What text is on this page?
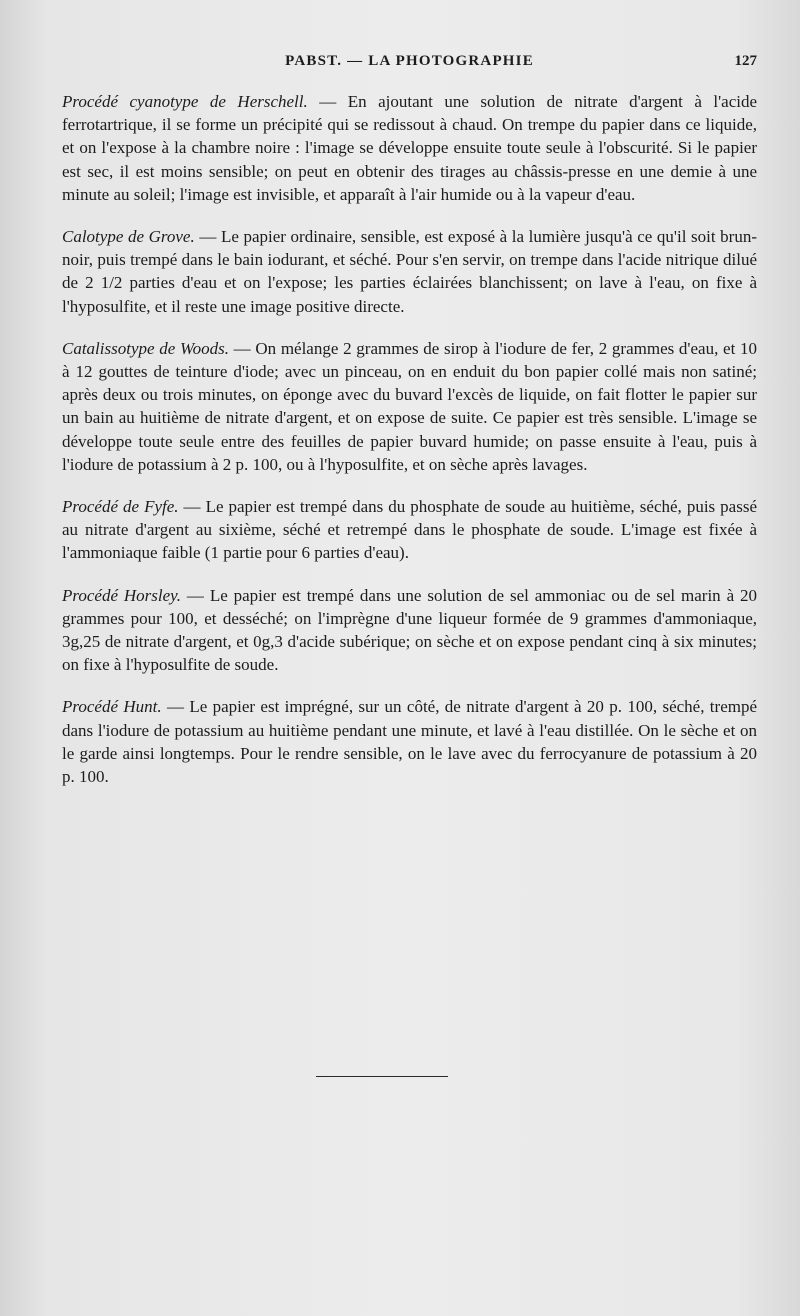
PABST. — LA PHOTOGRAPHIE	127

Procédé cyanotype de Herschell. — En ajoutant une solution de nitrate d'argent à l'acide ferrotartrique, il se forme un précipité qui se redissout à chaud. On trempe du papier dans ce liquide, et on l'expose à la chambre noire : l'image se développe ensuite toute seule à l'obscurité. Si le papier est sec, il est moins sensible; on peut en obtenir des tirages au châssis-presse en une demie à une minute au soleil; l'image est invisible, et apparaît à l'air humide ou à la vapeur d'eau.

Calotype de Grove. — Le papier ordinaire, sensible, est exposé à la lumière jusqu'à ce qu'il soit brun-noir, puis trempé dans le bain iodurant, et séché. Pour s'en servir, on trempe dans l'acide nitrique dilué de 2 1/2 parties d'eau et on l'expose; les parties éclairées blanchissent; on lave à l'eau, on fixe à l'hyposulfite, et il reste une image positive directe.

Catalissotype de Woods. — On mélange 2 grammes de sirop à l'iodure de fer, 2 grammes d'eau, et 10 à 12 gouttes de teinture d'iode; avec un pinceau, on en enduit du bon papier collé mais non satiné; après deux ou trois minutes, on éponge avec du buvard l'excès de liquide, on fait flotter le papier sur un bain au huitième de nitrate d'argent, et on expose de suite. Ce papier est très sensible. L'image se développe toute seule entre des feuilles de papier buvard humide; on passe ensuite à l'eau, puis à l'iodure de potassium à 2 p. 100, ou à l'hyposulfite, et on sèche après lavages.

Procédé de Fyfe. — Le papier est trempé dans du phosphate de soude au huitième, séché, puis passé au nitrate d'argent au sixième, séché et retrempé dans le phosphate de soude. L'image est fixée à l'ammoniaque faible (1 partie pour 6 parties d'eau).

Procédé Horsley. — Le papier est trempé dans une solution de sel ammoniac ou de sel marin à 20 grammes pour 100, et desséché; on l'imprègne d'une liqueur formée de 9 grammes d'ammoniaque, 3g,25 de nitrate d'argent, et 0g,3 d'acide subérique; on sèche et on expose pendant cinq à six minutes; on fixe à l'hyposulfite de soude.

Procédé Hunt. — Le papier est imprégné, sur un côté, de nitrate d'argent à 20 p. 100, séché, trempé dans l'iodure de potassium au huitième pendant une minute, et lavé à l'eau distillée. On le sèche et on le garde ainsi longtemps. Pour le rendre sensible, on le lave avec du ferrocyanure de potassium à 20 p. 100.
